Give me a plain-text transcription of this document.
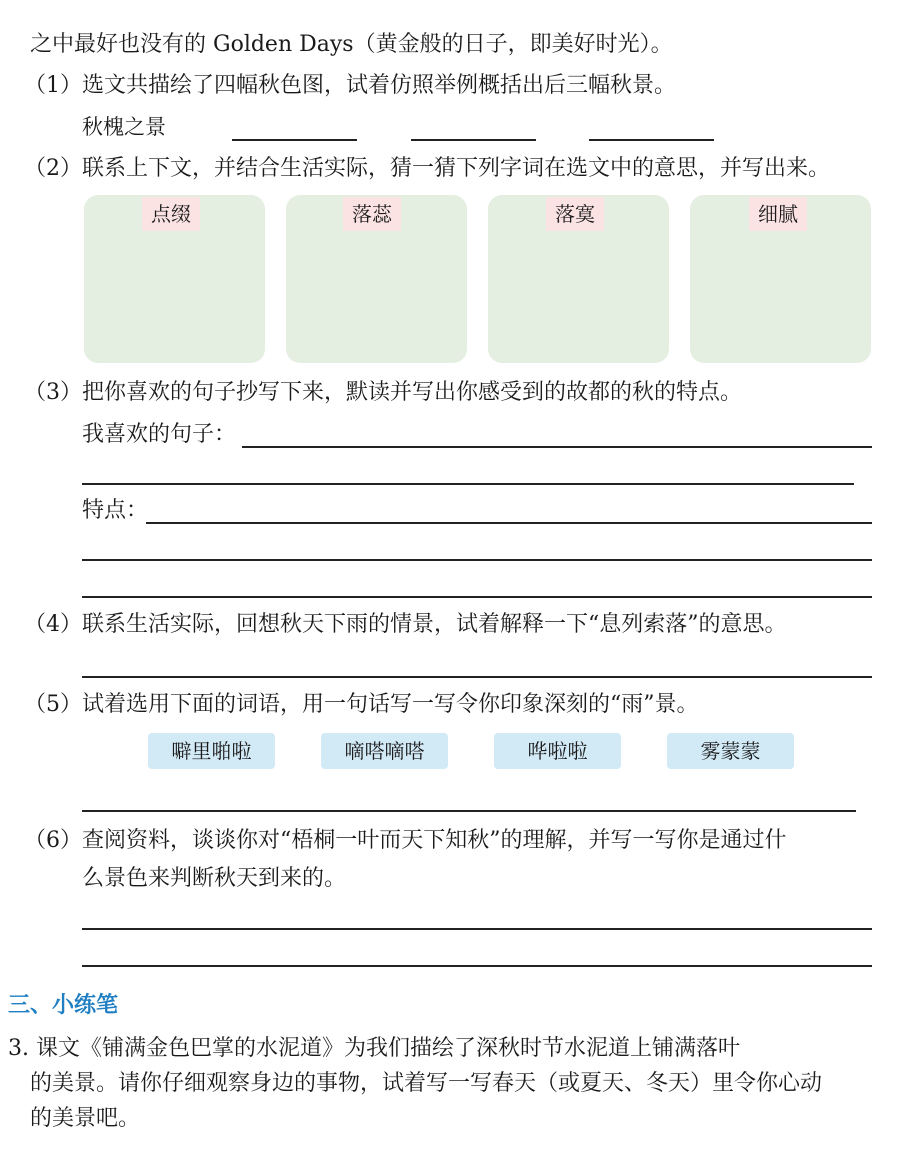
之中最好也没有的 Golden Days（黄金般的日子，即美好时光）。
（1）选文共描绘了四幅秋色图，试着仿照举例概括出后三幅秋景。
秋槐之景
（2）联系上下文，并结合生活实际，猜一猜下列字词在选文中的意思，并写出来。
点缀	落蕊	落寞	细腻
（3）把你喜欢的句子抄写下来，默读并写出你感受到的故都的秋的特点。
我喜欢的句子：
特点：
（4）联系生活实际，回想秋天下雨的情景，试着解释一下“息列索落”的意思。
（5）试着选用下面的词语，用一句话写一写令你印象深刻的“雨”景。
噼里啪啦	嘀嗒嘀嗒	哗啦啦	雾蒙蒙
（6）查阅资料，谈谈你对“梧桐一叶而天下知秋”的理解，并写一写你是通过什
么景色来判断秋天到来的。
三、小练笔
3. 课文《铺满金色巴掌的水泥道》为我们描绘了深秋时节水泥道上铺满落叶
的美景。请你仔细观察身边的事物，试着写一写春天（或夏天、冬天）里令你心动
的美景吧。
